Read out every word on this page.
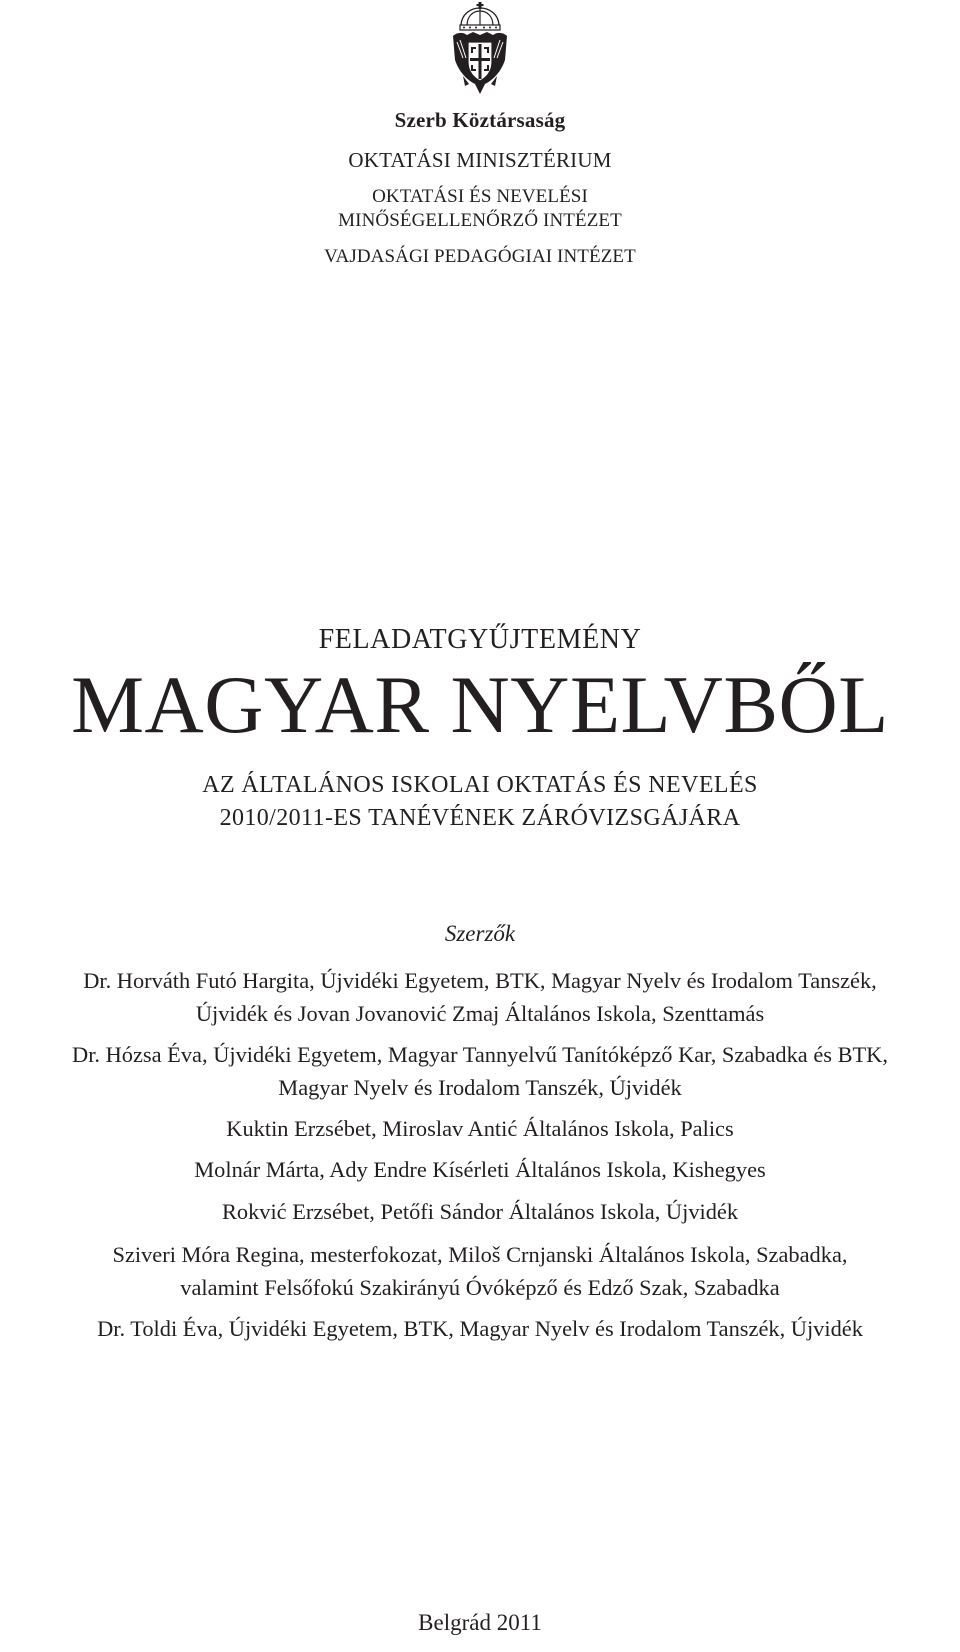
Szerb Köztársaság
OKTATÁSI MINISZTÉRIUM
OKTATÁSI ÉS NEVELÉSI
MINŐSÉGELLENŐRZŐ INTÉZET
VAJDASÁGI PEDAGÓGIAI INTÉZET
FELADATGYŰJTEMÉNY
MAGYAR NYELVBŐL
AZ ÁLTALÁNOS ISKOLAI OKTATÁS ÉS NEVELÉS
2010/2011-ES TANÉVÉNEK ZÁRÓVIZSGÁJÁRA
Szerzők
Dr. Horváth Futó Hargita, Újvidéki Egyetem, BTK, Magyar Nyelv és Irodalom Tanszék,
Újvidék és Jovan Jovanović Zmaj Általános Iskola, Szenttamás
Dr. Hózsa Éva, Újvidéki Egyetem, Magyar Tannyelvű Tanítóképző Kar, Szabadka és BTK,
Magyar Nyelv és Irodalom Tanszék, Újvidék
Kuktin Erzsébet, Miroslav Antić Általános Iskola, Palics
Molnár Márta, Ady Endre Kísérleti Általános Iskola, Kishegyes
Rokvić Erzsébet, Petőfi Sándor Általános Iskola, Újvidék
Sziveri Móra Regina, mesterfokozat, Miloš Crnjanski Általános Iskola, Szabadka,
valamint Felsőfokú Szakirányú Óvóképző és Edző Szak, Szabadka
Dr. Toldi Éva, Újvidéki Egyetem, BTK, Magyar Nyelv és Irodalom Tanszék, Újvidék
Belgrád 2011
